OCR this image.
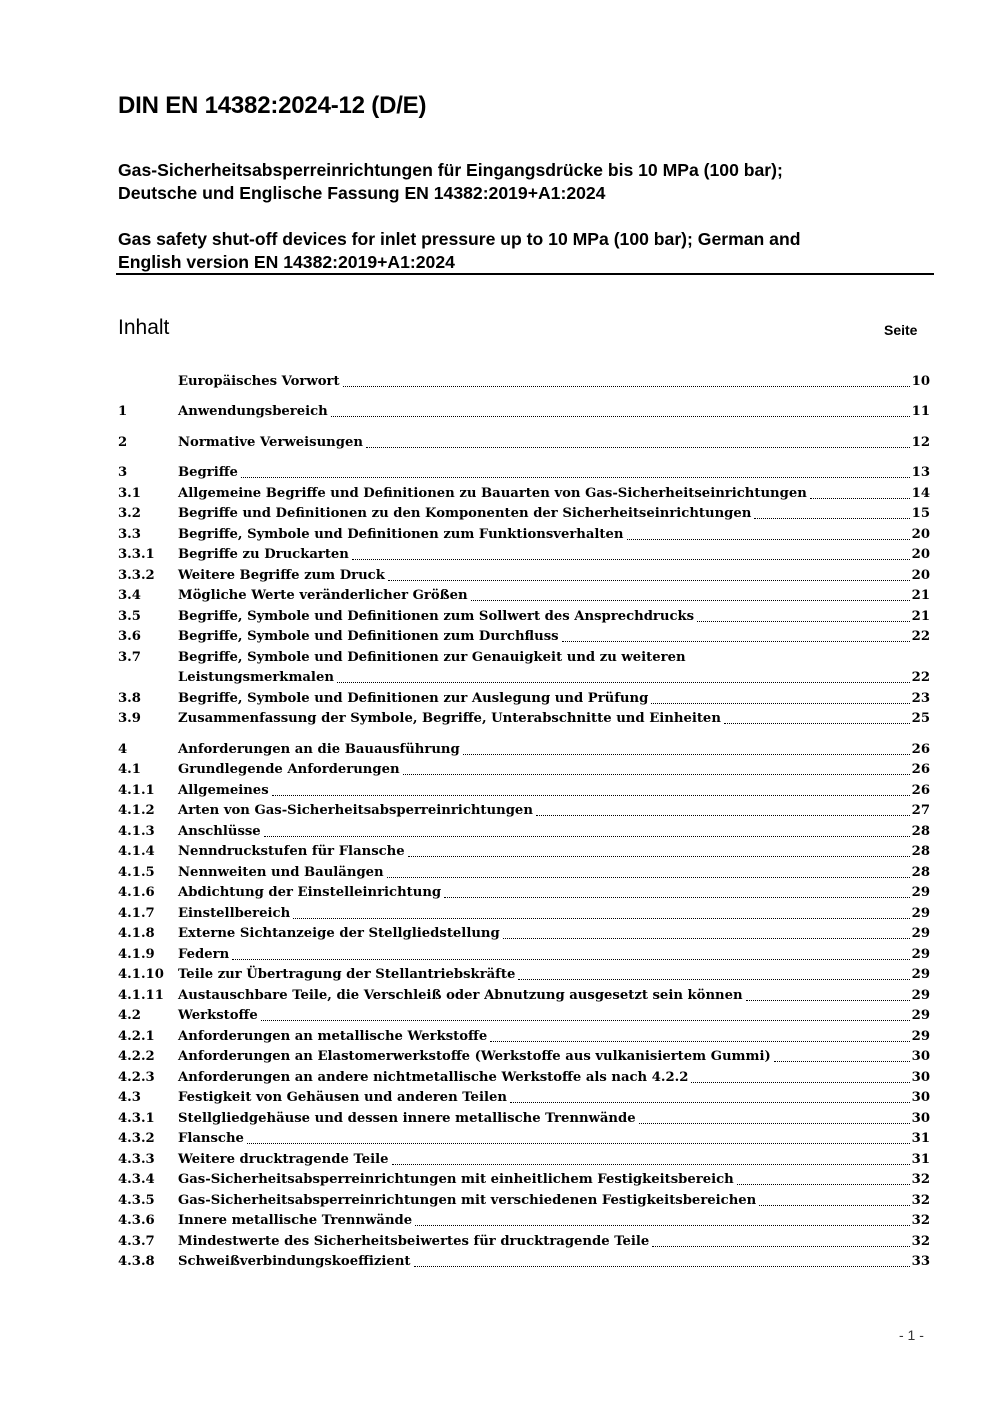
DIN EN 14382:2024-12 (D/E)
Gas-Sicherheitsabsperreinrichtungen für Eingangsdrücke bis 10 MPa (100 bar);
Deutsche und Englische Fassung EN 14382:2019+A1:2024
Gas safety shut-off devices for inlet pressure up to 10 MPa (100 bar); German and
English version EN 14382:2019+A1:2024
Inhalt	Seite
Europäisches Vorwort	10
1	Anwendungsbereich	11
2	Normative Verweisungen	12
3	Begriffe	13
3.1	Allgemeine Begriffe und Definitionen zu Bauarten von Gas-Sicherheitseinrichtungen	14
3.2	Begriffe und Definitionen zu den Komponenten der Sicherheitseinrichtungen	15
3.3	Begriffe, Symbole und Definitionen zum Funktionsverhalten	20
3.3.1	Begriffe zu Druckarten	20
3.3.2	Weitere Begriffe zum Druck	20
3.4	Mögliche Werte veränderlicher Größen	21
3.5	Begriffe, Symbole und Definitionen zum Sollwert des Ansprechdrucks	21
3.6	Begriffe, Symbole und Definitionen zum Durchfluss	22
3.7	Begriffe, Symbole und Definitionen zur Genauigkeit und zu weiteren
Leistungsmerkmalen	22
3.8	Begriffe, Symbole und Definitionen zur Auslegung und Prüfung	23
3.9	Zusammenfassung der Symbole, Begriffe, Unterabschnitte und Einheiten	25
4	Anforderungen an die Bauausführung	26
4.1	Grundlegende Anforderungen	26
4.1.1	Allgemeines	26
4.1.2	Arten von Gas-Sicherheitsabsperreinrichtungen	27
4.1.3	Anschlüsse	28
4.1.4	Nenndruckstufen für Flansche	28
4.1.5	Nennweiten und Baulängen	28
4.1.6	Abdichtung der Einstelleinrichtung	29
4.1.7	Einstellbereich	29
4.1.8	Externe Sichtanzeige der Stellgliedstellung	29
4.1.9	Federn	29
4.1.10	Teile zur Übertragung der Stellantriebskräfte	29
4.1.11	Austauschbare Teile, die Verschleiß oder Abnutzung ausgesetzt sein können	29
4.2	Werkstoffe	29
4.2.1	Anforderungen an metallische Werkstoffe	29
4.2.2	Anforderungen an Elastomerwerkstoffe (Werkstoffe aus vulkanisiertem Gummi)	30
4.2.3	Anforderungen an andere nichtmetallische Werkstoffe als nach 4.2.2	30
4.3	Festigkeit von Gehäusen und anderen Teilen	30
4.3.1	Stellgliedgehäuse und dessen innere metallische Trennwände	30
4.3.2	Flansche	31
4.3.3	Weitere drucktragende Teile	31
4.3.4	Gas-Sicherheitsabsperreinrichtungen mit einheitlichem Festigkeitsbereich	32
4.3.5	Gas-Sicherheitsabsperreinrichtungen mit verschiedenen Festigkeitsbereichen	32
4.3.6	Innere metallische Trennwände	32
4.3.7	Mindestwerte des Sicherheitsbeiwertes für drucktragende Teile	32
4.3.8	Schweißverbindungskoeffizient	33
- 1 -
